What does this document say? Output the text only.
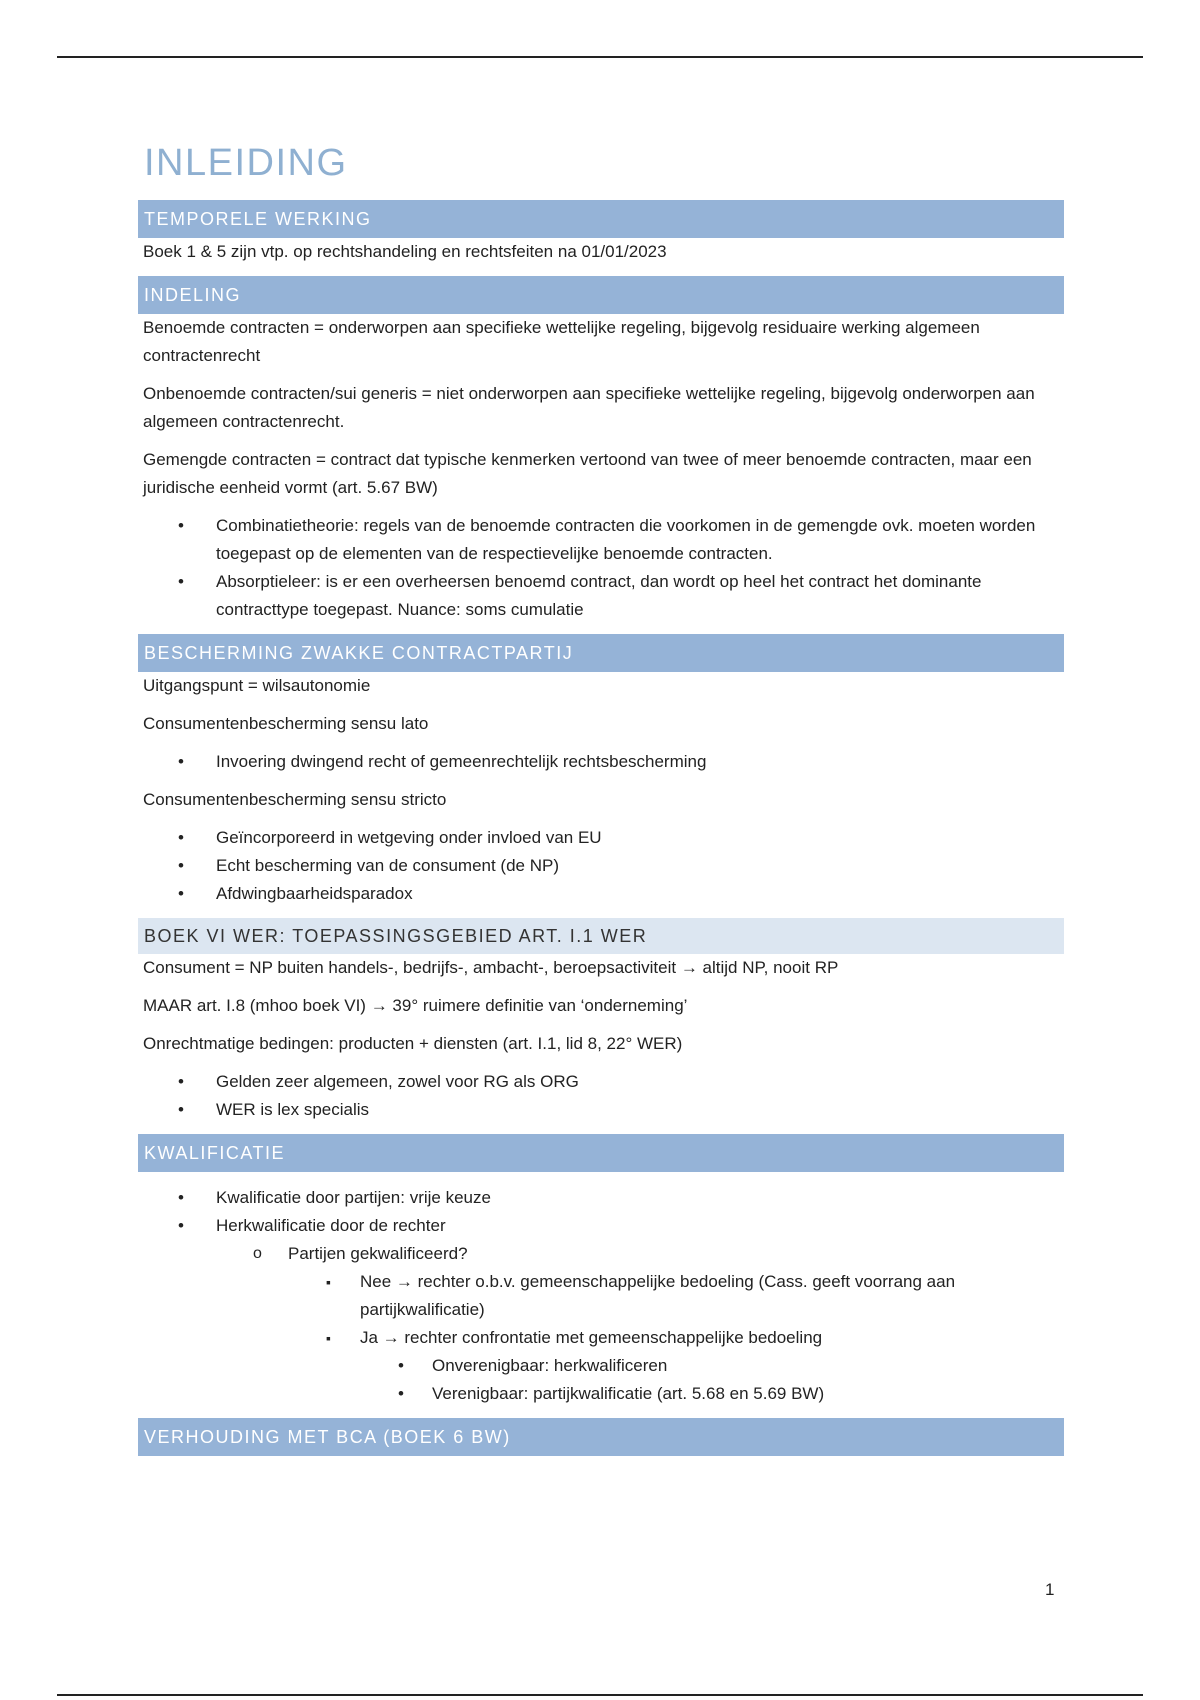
INLEIDING
TEMPORELE WERKING

Boek 1 & 5 zijn vtp. op rechtshandeling en rechtsfeiten na 01/01/2023

INDELING

Benoemde contracten = onderworpen aan specifieke wettelijke regeling, bijgevolg residuaire werking algemeen contractenrecht

Onbenoemde contracten/sui generis = niet onderworpen aan specifieke wettelijke regeling, bijgevolg onderworpen aan algemeen contractenrecht.

Gemengde contracten = contract dat typische kenmerken vertoond van twee of meer benoemde contracten, maar een juridische eenheid vormt (art. 5.67 BW)

• Combinatietheorie: regels van de benoemde contracten die voorkomen in de gemengde ovk. moeten worden toegepast op de elementen van de respectievelijke benoemde contracten.
• Absorptieleer: is er een overheersen benoemd contract, dan wordt op heel het contract het dominante contracttype toegepast. Nuance: soms cumulatie
BESCHERMING ZWAKKE CONTRACTPARTIJ

Uitgangspunt = wilsautonomie

Consumentenbescherming sensu lato

• Invoering dwingend recht of gemeenrechtelijk rechtsbescherming

Consumentenbescherming sensu stricto

• Geïncorporeerd in wetgeving onder invloed van EU
• Echt bescherming van de consument (de NP)
• Afdwingbaarheidsparadox
BOEK VI WER: TOEPASSINGSGEBIED ART. I.1 WER

Consument = NP buiten handels-, bedrijfs-, ambacht-, beroepsactiviteit → altijd NP, nooit RP

MAAR art. I.8 (mhoo boek VI) → 39° ruimere definitie van ‘onderneming’

Onrechtmatige bedingen: producten + diensten (art. I.1, lid 8, 22° WER)

• Gelden zeer algemeen, zowel voor RG als ORG
• WER is lex specialis
KWALIFICATIE
• Kwalificatie door partijen: vrije keuze
• Herkwalificatie door de rechter
o Partijen gekwalificeerd?
▪ Nee → rechter o.b.v. gemeenschappelijke bedoeling (Cass. geeft voorrang aan partijkwalificatie)
▪ Ja → rechter confrontatie met gemeenschappelijke bedoeling
• Onverenigbaar: herkwalificeren
• Verenigbaar: partijkwalificatie (art. 5.68 en 5.69 BW)
VERHOUDING MET BCA (BOEK 6 BW)
1
